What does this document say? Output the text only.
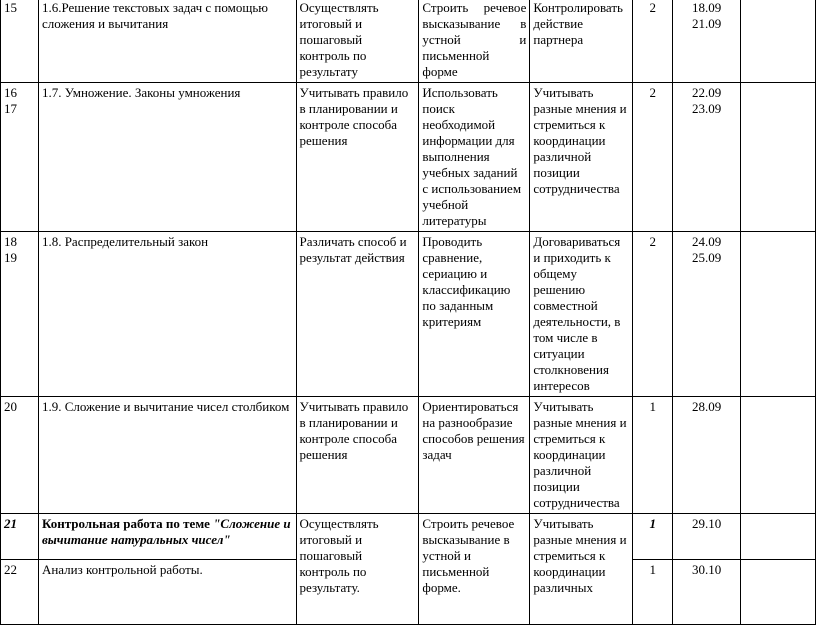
15	1.6.Решение текстовых задач с помощью сложения и вычитания	Осуществлять итоговый и пошаговый контроль по результату	Строить речевое высказывание в устной и письменной форме	Контролировать действие партнера	2	18.09
21.09	

16
17	1.7. Умножение. Законы умножения	Учитывать правило в планировании и контроле способа решения	Использовать поиск необходимой информации для выполнения учебных заданий с использованием учебной литературы	Учитывать разные мнения и стремиться к координации различной позиции сотрудничества	2	22.09
23.09	

18
19	1.8. Распределительный закон	Различать способ и результат действия	Проводить сравнение, сериацию и классификацию по заданным критериям	Договариваться и приходить к общему решению совместной деятельности, в том числе в ситуации столкновения интересов	2	24.09
25.09	

20	1.9. Сложение и вычитание чисел столбиком	Учитывать правило в планировании и контроле способа решения	Ориентироваться на разнообразие способов решения задач	Учитывать разные мнения и стремиться к координации различной позиции сотрудничества	1	28.09	

21	Контрольная работа по теме "Сложение и вычитание натуральных чисел"	Осуществлять итоговый и пошаговый контроль по результату.	Строить речевое высказывание в устной и письменной форме.	Учитывать разные мнения и стремиться к координации различных	1	29.10	

22	Анализ контрольной работы.				1	30.10	
